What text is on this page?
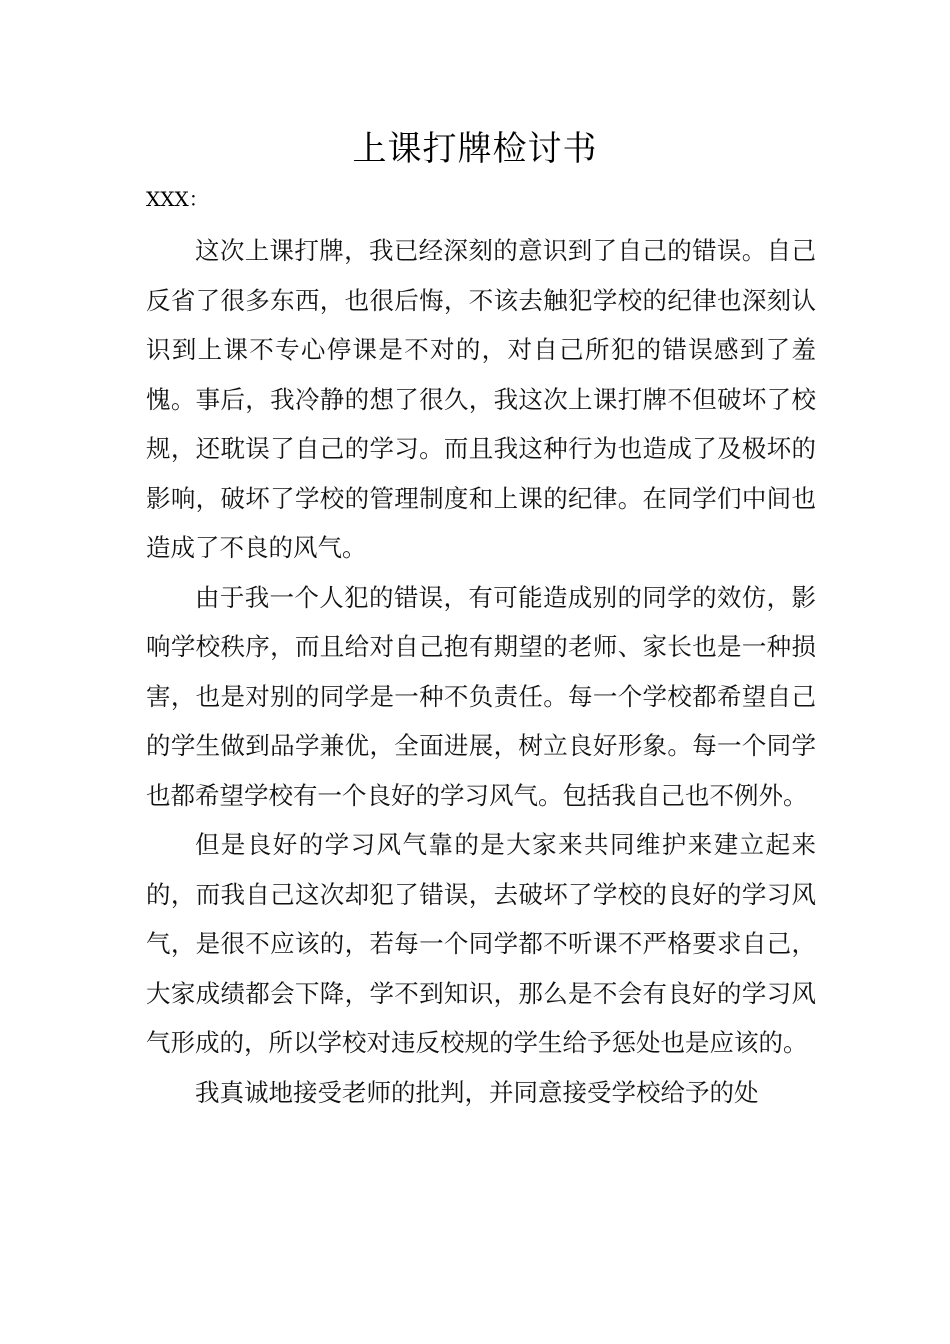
上课打牌检讨书
XXX：

这次上课打牌，我已经深刻的意识到了自己的错误。自己反省了很多东西，也很后悔，不该去触犯学校的纪律也深刻认识到上课不专心停课是不对的，对自己所犯的错误感到了羞愧。事后，我冷静的想了很久，我这次上课打牌不但破坏了校规，还耽误了自己的学习。而且我这种行为也造成了及极坏的影响，破坏了学校的管理制度和上课的纪律。在同学们中间也造成了不良的风气。

由于我一个人犯的错误，有可能造成别的同学的效仿，影响学校秩序，而且给对自己抱有期望的老师、家长也是一种损害，也是对别的同学是一种不负责任。每一个学校都希望自己的学生做到品学兼优，全面进展，树立良好形象。每一个同学也都希望学校有一个良好的学习风气。包括我自己也不例外。

但是良好的学习风气靠的是大家来共同维护来建立起来的，而我自己这次却犯了错误，去破坏了学校的良好的学习风气，是很不应该的，若每一个同学都不听课不严格要求自己，大家成绩都会下降，学不到知识，那么是不会有良好的学习风气形成的，所以学校对违反校规的学生给予惩处也是应该的。

我真诚地接受老师的批判，并同意接受学校给予的处
